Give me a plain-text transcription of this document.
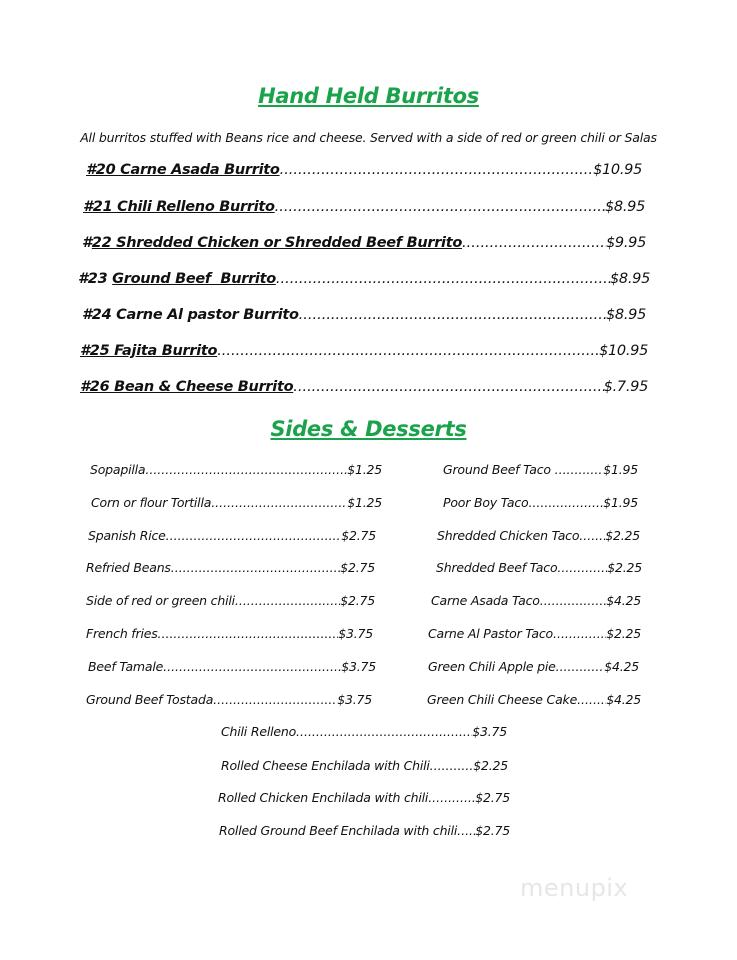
Hand Held Burritos
All burritos stuffed with Beans rice and cheese. Served with a side of red or green chili or Salas
#20 Carne Asada Burrito .....	$10.95
#21 Chili Relleno Burrito .....	$8.95
# 22 Shredded Chicken or Shredded Beef Burrito .....	$9.95
#23 Ground Beef  Burrito .....	$8.95
#24 Carne Al pastor Burrito .....	$8.95
#25 Fajita Burrito .....	$10.95
#26 Bean & Cheese Burrito .....	$.7.95
Sides & Desserts
Sopapilla .....	$1.25
Corn or flour Tortilla .....	$1.25
Spanish Rice .....	$2.75
Refried Beans .....	$2.75
Side of red or green chili .....	$2.75
French fries .....	$3.75
Beef Tamale .....	$3.75
Ground Beef Tostada .....	$3.75
Ground Beef Taco .....	$1.95
Poor Boy Taco .....	$1.95
Shredded Chicken Taco ..... $2.25
Shredded Beef Taco .....	$2.25
Carne Asada Taco .....	$4.25
Carne Al Pastor Taco .....	$2.25
Green Chili Apple pie .....	$4.25
Green Chili Cheese Cake ..... $4.25
Chili Relleno .....	$3.75
Rolled Cheese Enchilada with Chili .....	$2.25
Rolled Chicken Enchilada with chili .....	$2.75
Rolled Ground Beef Enchilada with chili ..... $2.75
menupix
